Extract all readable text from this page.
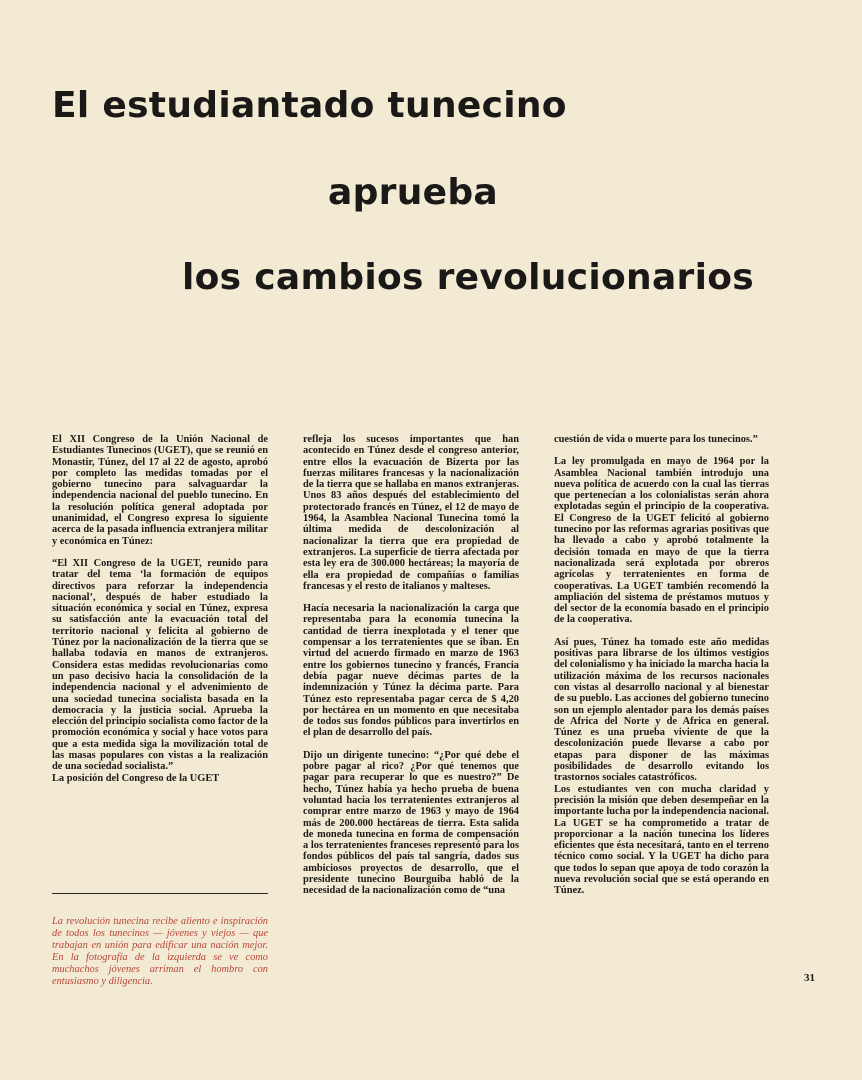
El estudiantado tunecino
aprueba
los cambios revolucionarios

El XII Congreso de la Unión Nacional de Estudiantes Tunecinos (UGET), que se reunió en Monastir, Túnez, del 17 al 22 de agosto, aprobó por completo las medidas tomadas por el gobierno tunecino para salvaguardar la independencia nacional del pueblo tunecino. En la resolución política general adoptada por unanimidad, el Congreso expresa lo siguiente acerca de la pasada influencia extranjera militar y económica en Túnez:

“El XII Congreso de la UGET, reunido para tratar del tema ‘la formación de equipos directivos para reforzar la independencia nacional’, después de haber estudiado la situación económica y social en Túnez, expresa su satisfacción ante la evacuación total del territorio nacional y felicita al gobierno de Túnez por la nacionalización de la tierra que se hallaba todavía en manos de extranjeros. Considera estas medidas revolucionarias como un paso decisivo hacia la consolidación de la independencia nacional y el advenimiento de una sociedad tunecina socialista basada en la democracia y la justicia social. Aprueba la elección del principio socialista como factor de la promoción económica y social y hace votos para que a esta medida siga la movilización total de las masas populares con vistas a la realización de una sociedad socialista.”

La posición del Congreso de la UGET

refleja los sucesos importantes que han acontecido en Túnez desde el congreso anterior, entre ellos la evacuación de Bizerta por las fuerzas militares francesas y la nacionalización de la tierra que se hallaba en manos extranjeras. Unos 83 años después del establecimiento del protectorado francés en Túnez, el 12 de mayo de 1964, la Asamblea Nacional Tunecina tomó la última medida de descolonización al nacionalizar la tierra que era propiedad de extranjeros. La superficie de tierra afectada por esta ley era de 300.000 hectáreas; la mayoría de ella era propiedad de compañías o familias francesas y el resto de italianos y malteses.

Hacía necesaria la nacionalización la carga que representaba para la economía tunecina la cantidad de tierra inexplotada y el tener que compensar a los terratenientes que se iban. En virtud del acuerdo firmado en marzo de 1963 entre los gobiernos tunecino y francés, Francia debía pagar nueve décimas partes de la indemnización y Túnez la décima parte. Para Túnez esto representaba pagar cerca de $ 4,20 por hectárea en un momento en que necesitaba de todos sus fondos públicos para invertirlos en el plan de desarrollo del país.

Dijo un dirigente tunecino: “¿Por qué debe el pobre pagar al rico? ¿Por qué tenemos que pagar para recuperar lo que es nuestro?” De hecho, Túnez había ya hecho prueba de buena voluntad hacia los terratenientes extranjeros al comprar entre marzo de 1963 y mayo de 1964 más de 200.000 hectáreas de tierra. Esta salida de moneda tunecina en forma de compensación a los terratenientes franceses representó para los fondos públicos del país tal sangría, dados sus ambiciosos proyectos de desarrollo, que el presidente tunecino Bourguiba habló de la necesidad de la nacionalización como de “una

cuestión de vida o muerte para los tunecinos.”

La ley promulgada en mayo de 1964 por la Asamblea Nacional también introdujo una nueva política de acuerdo con la cual las tierras que pertenecían a los colonialistas serán ahora explotadas según el principio de la cooperativa. El Congreso de la UGET felicitó al gobierno tunecino por las reformas agrarias positivas que ha llevado a cabo y aprobó totalmente la decisión tomada en mayo de que la tierra nacionalizada será explotada por obreros agrícolas y terratenientes en forma de cooperativas. La UGET también recomendó la ampliación del sistema de préstamos mutuos y del sector de la economía basado en el principio de la cooperativa.

Así pues, Túnez ha tomado este año medidas positivas para librarse de los últimos vestigios del colonialismo y ha iniciado la marcha hacia la utilización máxima de los recursos nacionales con vistas al desarrollo nacional y al bienestar de su pueblo. Las acciones del gobierno tunecino son un ejemplo alentador para los demás países de Africa del Norte y de Africa en general. Túnez es una prueba viviente de que la descolonización puede llevarse a cabo por etapas para disponer de las máximas posibilidades de desarrollo evitando los trastornos sociales catastróficos.

Los estudiantes ven con mucha claridad y precisión la misión que deben desempeñar en la importante lucha por la independencia nacional. La UGET se ha comprometido a tratar de proporcionar a la nación tunecina los líderes eficientes que ésta necesitará, tanto en el terreno técnico como social. Y la UGET ha dicho para que todos lo sepan que apoya de todo corazón la nueva revolución social que se está operando en Túnez.

La revolución tunecina recibe aliento e inspiración de todos los tunecinos — jóvenes y viejos — que trabajan en unión para edificar una nación mejor. En la fotografía de la izquierda se ve como muchachos jóvenes arriman el hombro con entusiasmo y diligencia.	31
